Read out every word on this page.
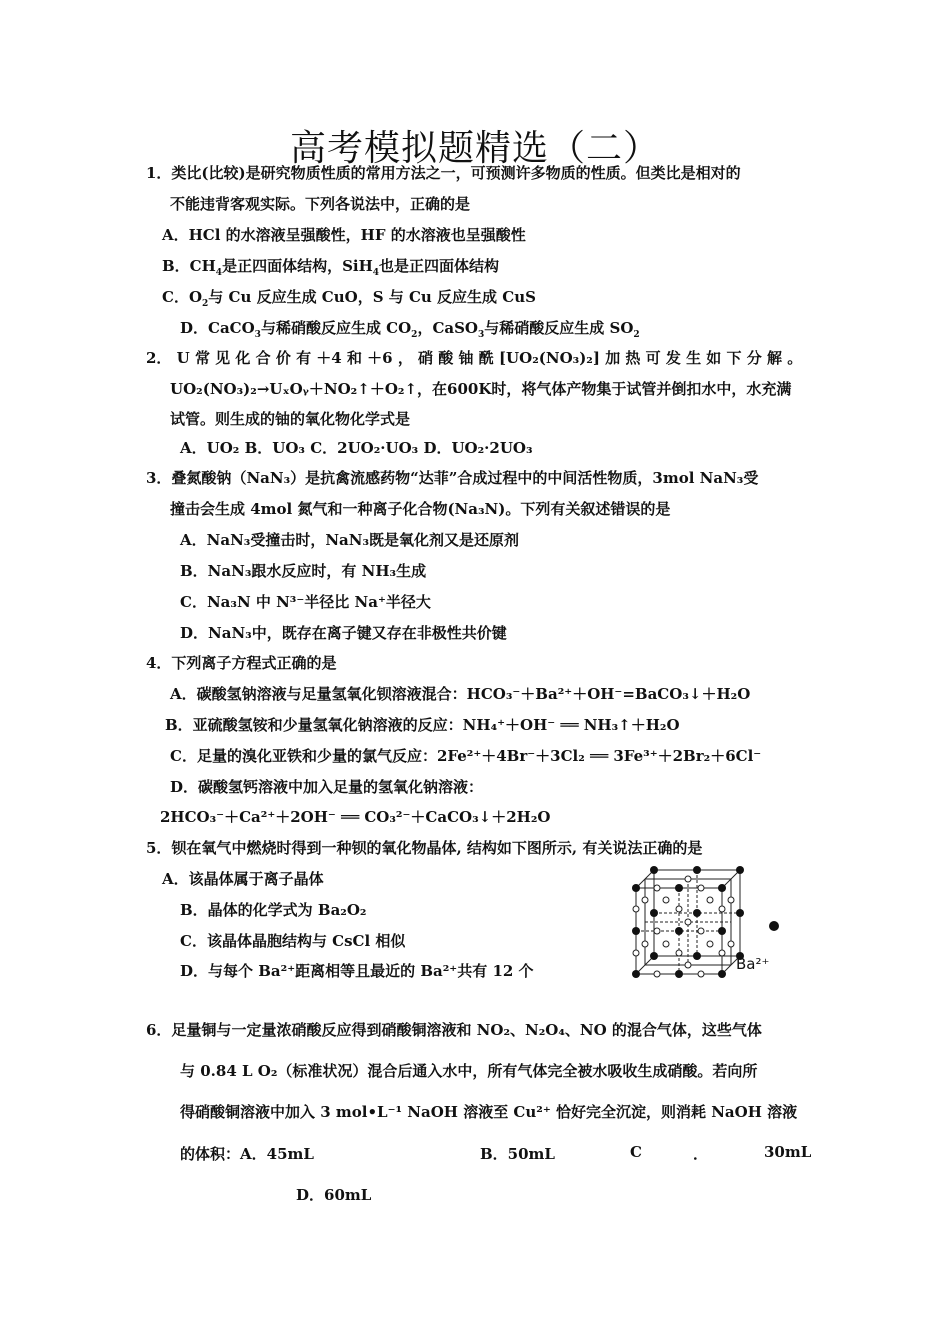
高考模拟题精选（二）
1．类比(比较)是研究物质性质的常用方法之一，可预测许多物质的性质。但类比是相对的
不能违背客观实际。下列各说法中，正确的是
A．HCl 的水溶液呈强酸性，HF 的水溶液也呈强酸性
B．$CH_4$是正四面体结构，SiH$_4$也是正四面体结构
C．$O_2$与 Cu 反应生成 CuO，S 与 Cu 反应生成 CuS
D．CaCO$_3$与稀硝酸反应生成 $CO_2$，CaSO$_3$与稀硝酸反应生成 $SO_2$
2． U 常 见 化 合 价 有 ＋4 和 ＋6 ， 硝 酸 铀 酰 [UO₂(NO₃)₂] 加 热 可 发 生 如 下 分 解 。
UO₂(NO₃)₂→UₓOᵧ＋NO₂↑＋O₂↑，在600K时，将气体产物集于试管并倒扣水中，水充满
试管。则生成的铀的氧化物化学式是
A．UO₂ B．UO₃ C．2UO₂·UO₃ D．UO₂·2UO₃
3．叠氮酸钠（NaN₃）是抗禽流感药物“达菲”合成过程中的中间活性物质，3mol NaN₃受
撞击会生成 4mol 氮气和一种离子化合物(Na₃N)。下列有关叙述错误的是
A．NaN₃受撞击时，NaN₃既是氧化剂又是还原剂
B．NaN₃跟水反应时，有 NH₃生成
C．Na₃N 中 N³⁻半径比 Na⁺半径大
D．NaN₃中，既存在离子键又存在非极性共价键
4．下列离子方程式正确的是
A．碳酸氢钠溶液与足量氢氧化钡溶液混合：HCO₃⁻＋Ba²⁺＋OH⁻=BaCO₃↓＋H₂O
B．亚硫酸氢铵和少量氢氧化钠溶液的反应：NH₄⁺＋OH⁻ ══ NH₃↑＋H₂O
C．足量的溴化亚铁和少量的氯气反应：2Fe²⁺＋4Br⁻＋3Cl₂ ══ 3Fe³⁺＋2Br₂＋6Cl⁻
D．碳酸氢钙溶液中加入足量的氢氧化钠溶液：
2HCO₃⁻＋Ca²⁺＋2OH⁻ ══ CO₃²⁻＋CaCO₃↓＋2H₂O
5．钡在氧气中燃烧时得到一种钡的氧化物晶体, 结构如下图所示, 有关说法正确的是
A．该晶体属于离子晶体
B．晶体的化学式为 Ba₂O₂
C．该晶体晶胞结构与 CsCl 相似
D．与每个 Ba²⁺距离相等且最近的 Ba²⁺共有 12 个	Ba²⁺
6．足量铜与一定量浓硝酸反应得到硝酸铜溶液和 NO₂、N₂O₄、NO 的混合气体，这些气体
与 0.84 L O₂（标准状况）混合后通入水中，所有气体完全被水吸收生成硝酸。若向所
得硝酸铜溶液中加入 3 mol•L⁻¹ NaOH 溶液至 Cu²⁺ 恰好完全沉淀，则消耗 NaOH 溶液
的体积：A．45mL	B．50mL	C	．	30mL
D．60mL
